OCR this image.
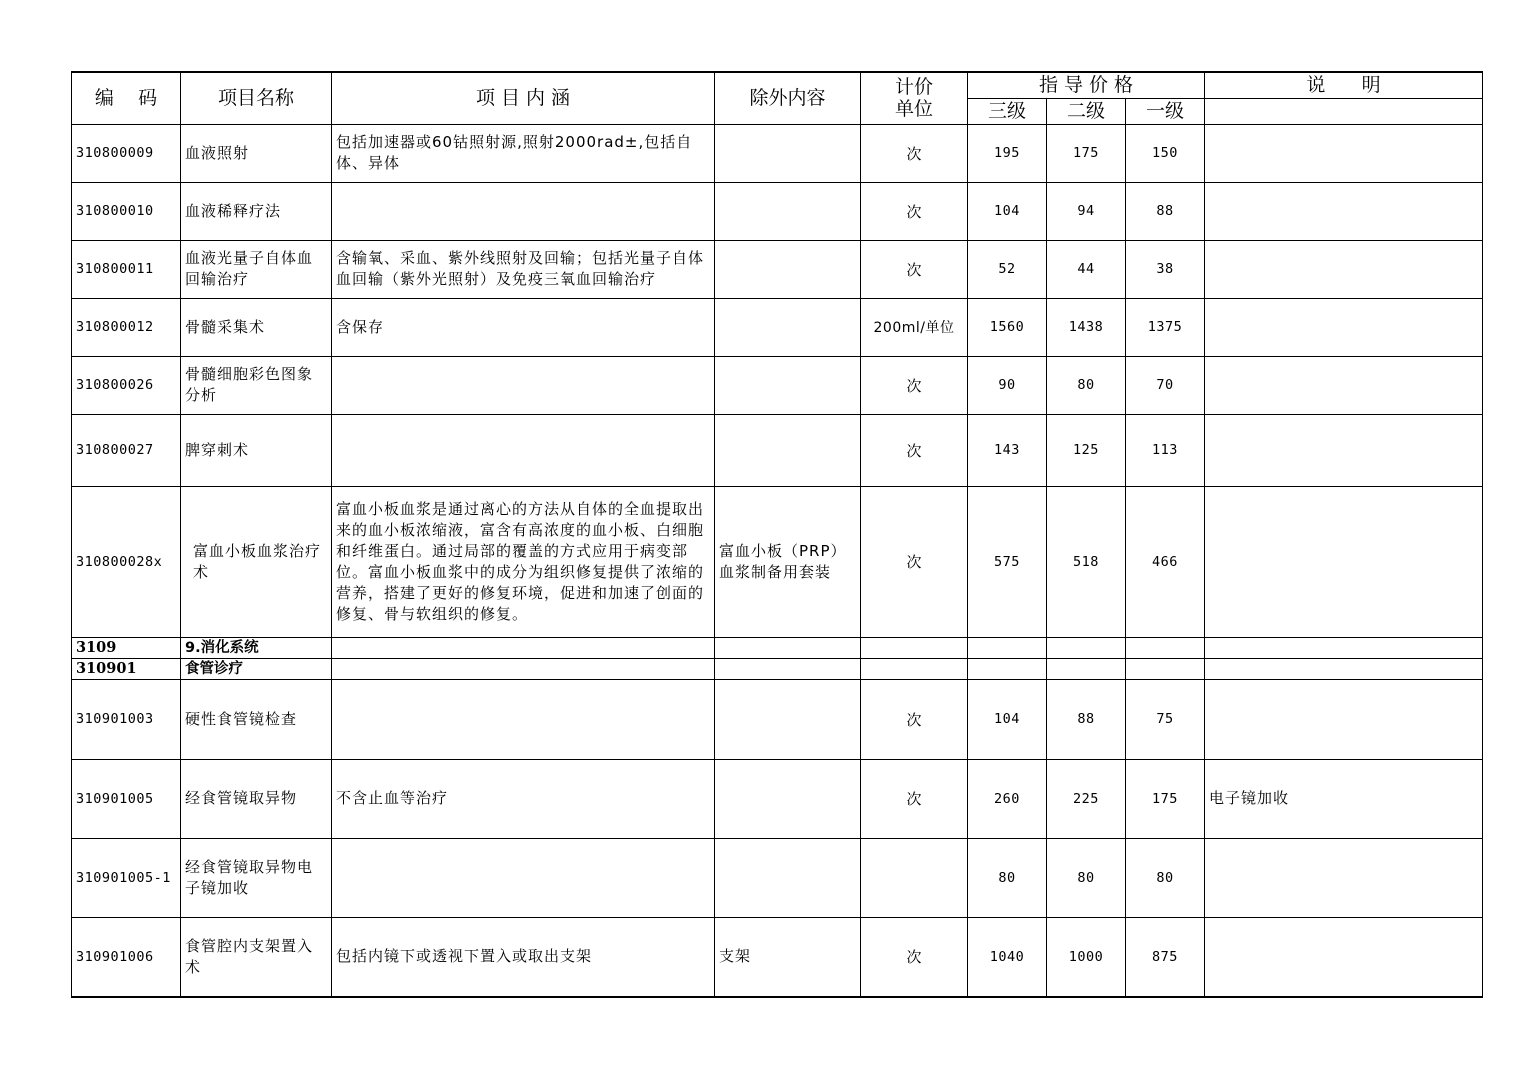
编    码	项目名称	项 目 内 涵	除外内容	计价
单位	指 导 价 格			说      明
					三级	二级	一级	
310800009	血液照射	包括加速器或60钴照射源,照射2000rad±,包括自体、异体		次	195	175	150	
310800010	血液稀释疗法			次	104	94	88	
310800011	血液光量子自体血回输治疗	含输氧、采血、紫外线照射及回输；包括光量子自体血回输（紫外光照射）及免疫三氧血回输治疗		次	52	44	38	
310800012	骨髓采集术	含保存		200ml/单位	1560	1438	1375	
310800026	骨髓细胞彩色图象分析			次	90	80	70	
310800027	脾穿刺术			次	143	125	113	
310800028x	富血小板血浆治疗术	富血小板血浆是通过离心的方法从自体的全血提取出来的血小板浓缩液，富含有高浓度的血小板、白细胞和纤维蛋白。通过局部的覆盖的方式应用于病变部位。富血小板血浆中的成分为组织修复提供了浓缩的营养，搭建了更好的修复环境，促进和加速了创面的修复、骨与软组织的修复。	富血小板（PRP）血浆制备用套装	次	575	518	466	
3109	9.消化系统							
310901	食管诊疗							
310901003	硬性食管镜检查			次	104	88	75	
310901005	经食管镜取异物	不含止血等治疗		次	260	225	175	电子镜加收
310901005-1	经食管镜取异物电子镜加收				80	80	80	
310901006	食管腔内支架置入术	包括内镜下或透视下置入或取出支架	支架	次	1040	1000	875	
